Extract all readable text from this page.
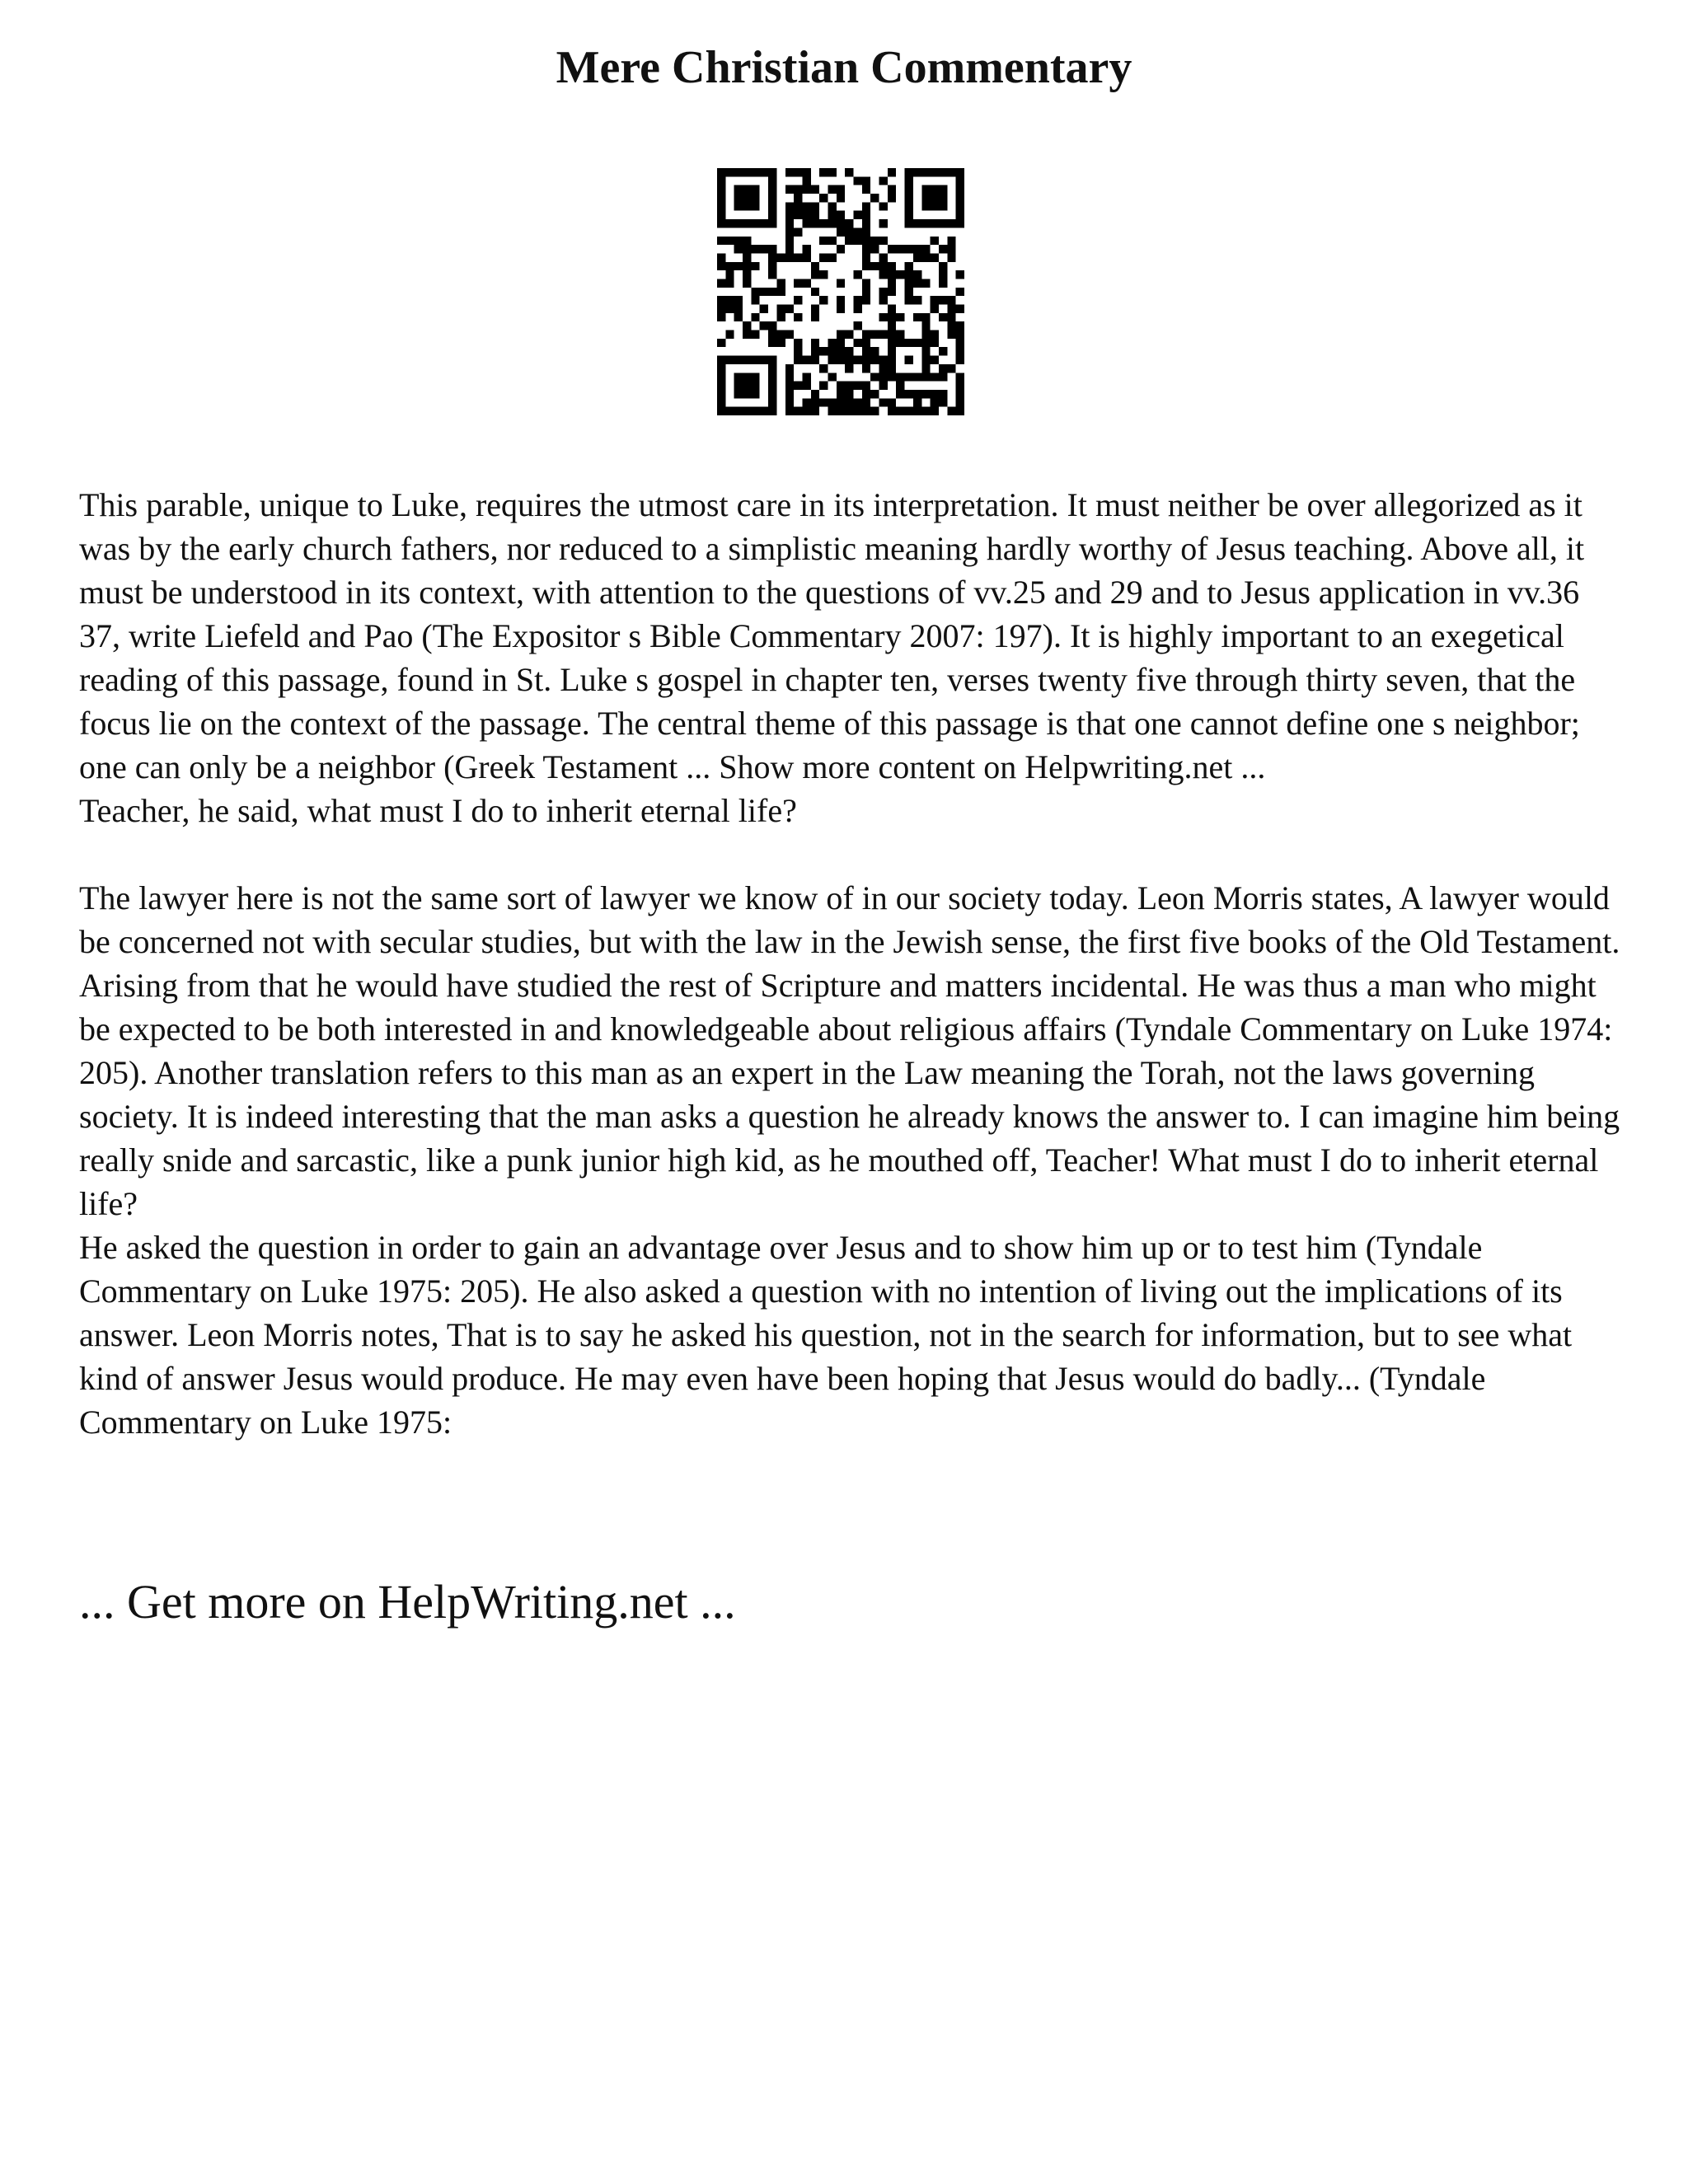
Mere Christian Commentary

This parable, unique to Luke, requires the utmost care in its interpretation. It must neither be over allegorized as it was by the early church fathers, nor reduced to a simplistic meaning hardly worthy of Jesus teaching. Above all, it must be understood in its context, with attention to the questions of vv.25 and 29 and to Jesus application in vv.36 37, write Liefeld and Pao (The Expositor s Bible Commentary 2007: 197). It is highly important to an exegetical reading of this passage, found in St. Luke s gospel in chapter ten, verses twenty five through thirty seven, that the focus lie on the context of the passage. The central theme of this passage is that one cannot define one s neighbor; one can only be a neighbor (Greek Testament ... Show more content on Helpwriting.net ...

Teacher, he said, what must I do to inherit eternal life?

The lawyer here is not the same sort of lawyer we know of in our society today. Leon Morris states, A lawyer would be concerned not with secular studies, but with the law in the Jewish sense, the first five books of the Old Testament. Arising from that he would have studied the rest of Scripture and matters incidental. He was thus a man who might be expected to be both interested in and knowledgeable about religious affairs (Tyndale Commentary on Luke 1974: 205). Another translation refers to this man as an expert in the Law meaning the Torah, not the laws governing society. It is indeed interesting that the man asks a question he already knows the answer to. I can imagine him being really snide and sarcastic, like a punk junior high kid, as he mouthed off, Teacher! What must I do to inherit eternal life?

He asked the question in order to gain an advantage over Jesus and to show him up or to test him (Tyndale Commentary on Luke 1975: 205). He also asked a question with no intention of living out the implications of its answer. Leon Morris notes, That is to say he asked his question, not in the search for information, but to see what kind of answer Jesus would produce. He may even have been hoping that Jesus would do badly... (Tyndale Commentary on Luke 1975:

... Get more on HelpWriting.net ...
